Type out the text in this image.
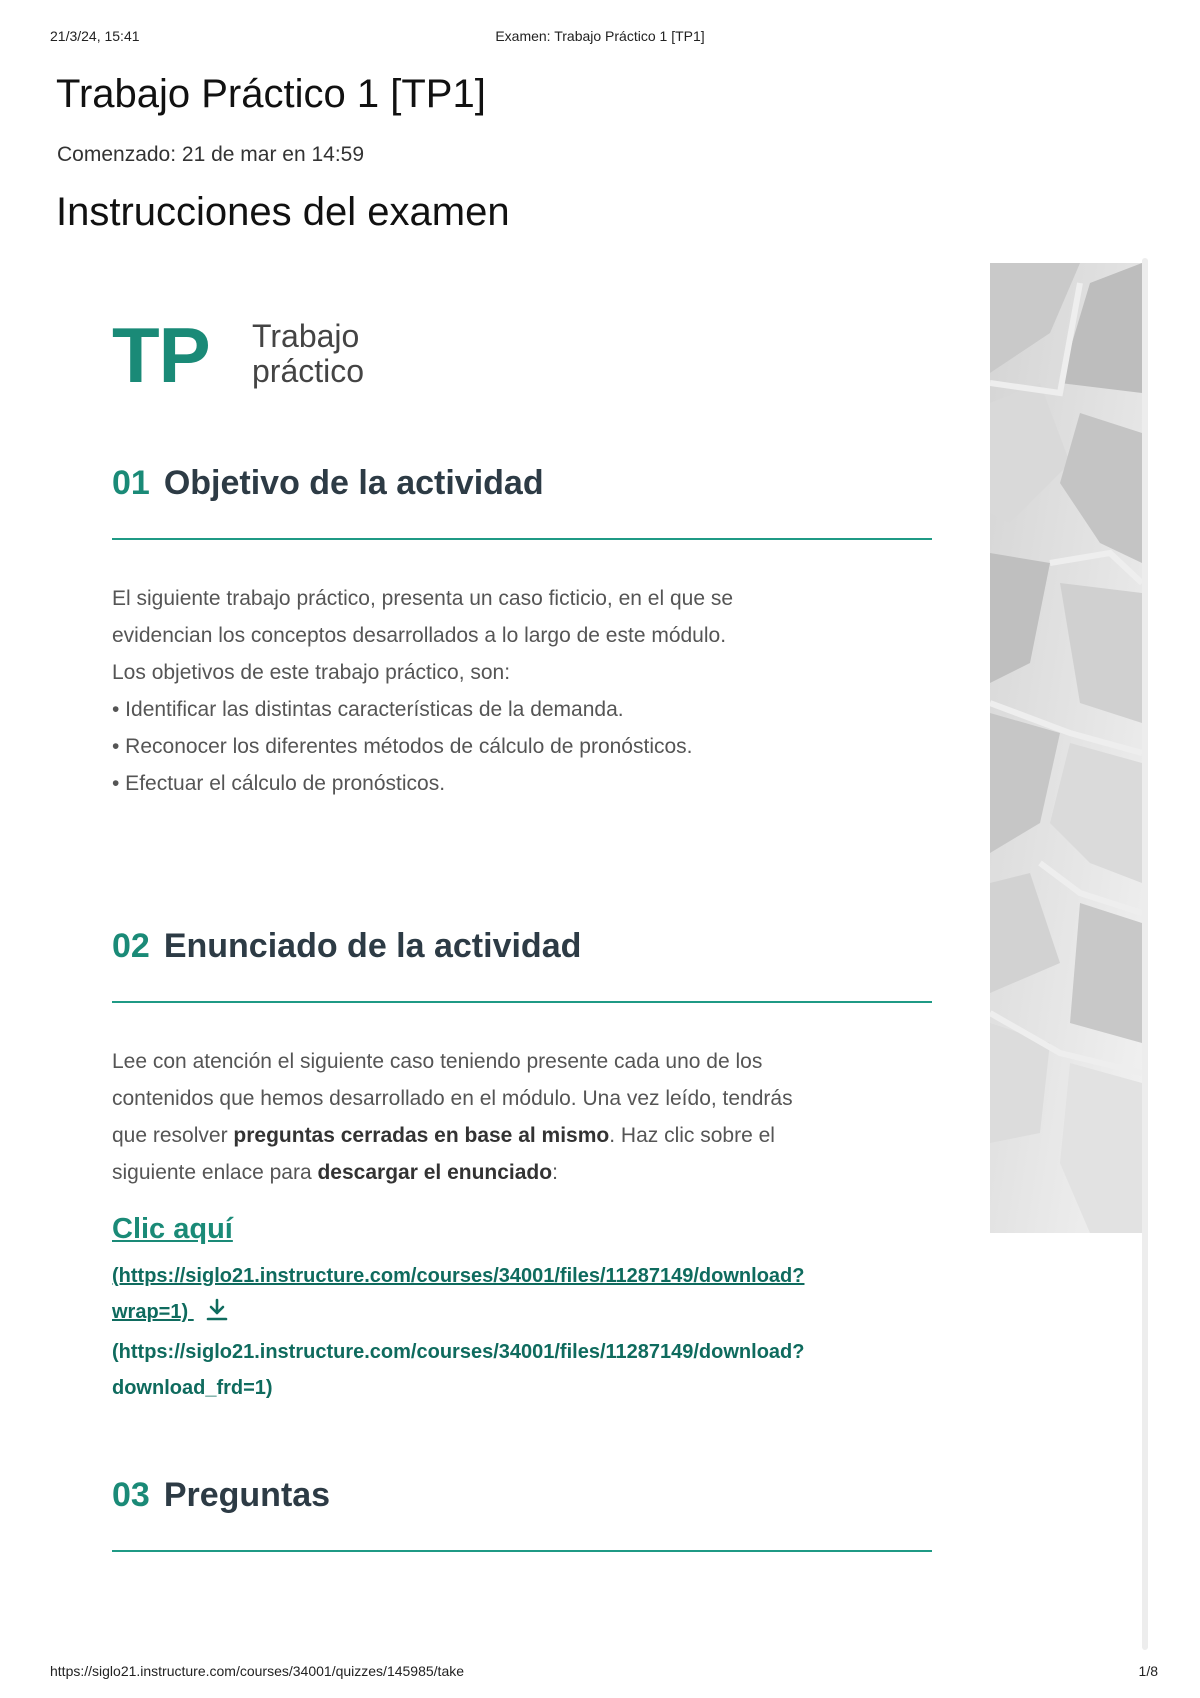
21/3/24, 15:41	Examen: Trabajo Práctico 1 [TP1]
Trabajo Práctico 1 [TP1]
Comenzado: 21 de mar en 14:59
Instrucciones del examen
TP Trabajo
práctico
01 Objetivo de la actividad
El siguiente trabajo práctico, presenta un caso ficticio, en el que se
evidencian los conceptos desarrollados a lo largo de este módulo.
Los objetivos de este trabajo práctico, son:
• Identificar las distintas características de la demanda.
• Reconocer los diferentes métodos de cálculo de pronósticos.
• Efectuar el cálculo de pronósticos.
02 Enunciado de la actividad
Lee con atención el siguiente caso teniendo presente cada uno de los
contenidos que hemos desarrollado en el módulo. Una vez leído, tendrás
que resolver preguntas cerradas en base al mismo. Haz clic sobre el
siguiente enlace para descargar el enunciado:
Clic aquí
(https://siglo21.instructure.com/courses/34001/files/11287149/download?
wrap=1)
(https://siglo21.instructure.com/courses/34001/files/11287149/download?
download_frd=1)
03 Preguntas
https://siglo21.instructure.com/courses/34001/quizzes/145985/take	1/8
